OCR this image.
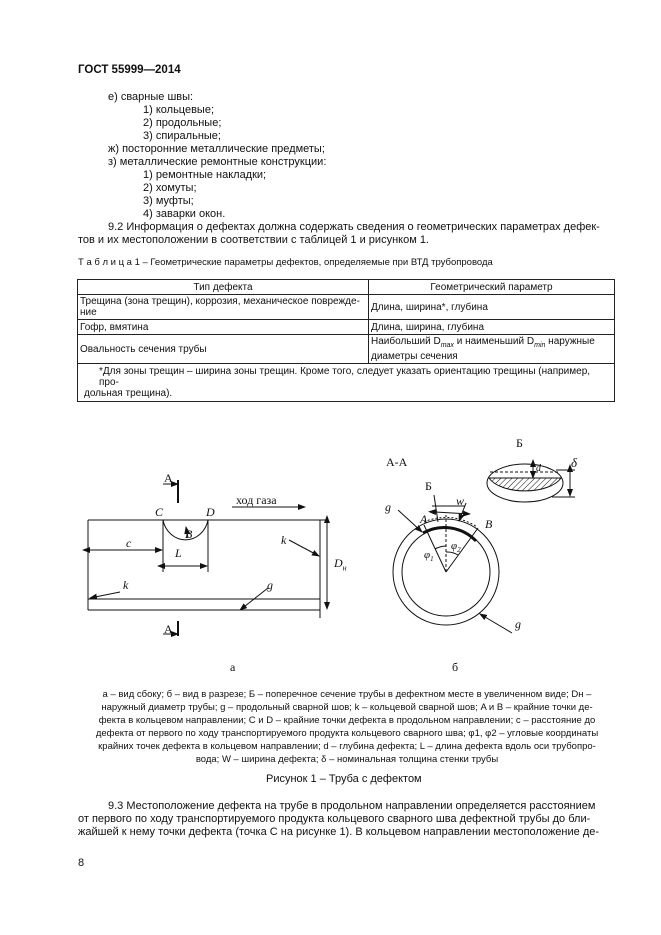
ГОСТ 55999—2014
е) сварные швы:
1) кольцевые;
2) продольные;
3) спиральные;
ж) посторонние металлические предметы;
з) металлические ремонтные конструкции:
1) ремонтные накладки;
2) хомуты;
3) муфты;
4) заварки окон.
9.2 Информация о дефектах должна содержать сведения о геометрических параметрах дефек-
тов и их местоположении в соответствии с таблицей 1 и рисунком 1.
Т а б л и ц а 1 – Геометрические параметры дефектов, определяемые при ВТД трубопровода
Тип дефекта	Геометрический параметр

Трещина (зона трещин), коррозия, механическое повреждe-
ние	Длина, ширина*, глубина
Гофр, вмятина	Длина, ширина, глубина
Овальность сечения трубы	Наибольший $D_{max}$ и наименьший $D_{min}$ наружные
диаметры сечения

*Для зоны трещин – ширина зоны трещин. Кроме того, следует указать ориентацию трещины (например, про-
дольная трещина).	
А
А
ход газа
C	D
B
L
c
k
k
g
$D_н$
а
А-А
Б
Б
g
g
A	B
w
$\varphi_1$
$\varphi_2$
d δ
б
а – вид сбоку; б – вид в разрезе; Б – поперечное сечение трубы в дефектном месте в увеличенном виде; Dн –
наружный диаметр трубы; g – продольный сварной шов; k – кольцевой сварной шов; A и B – крайние точки де-
фекта в кольцевом направлении; C и D – крайние точки дефекта в продольном направлении; c – расстояние до
дефекта от первого по ходу транспортируемого продукта кольцевого сварного шва; φ1, φ2 – угловые координаты
крайних точек дефекта в кольцевом направлении; d – глубина дефекта; L – длина дефекта вдоль оси трубопро-
вода; W – ширина дефекта; δ – номинальная толщина стенки трубы
Рисунок 1 – Труба с дефектом
9.3 Местоположение дефекта на трубе в продольном направлении определяется расстоянием
от первого по ходу транспортируемого продукта кольцевого сварного шва дефектной трубы до бли-
жайшей к нему точки дефекта (точка C на рисунке 1). В кольцевом направлении местоположение де-
8
